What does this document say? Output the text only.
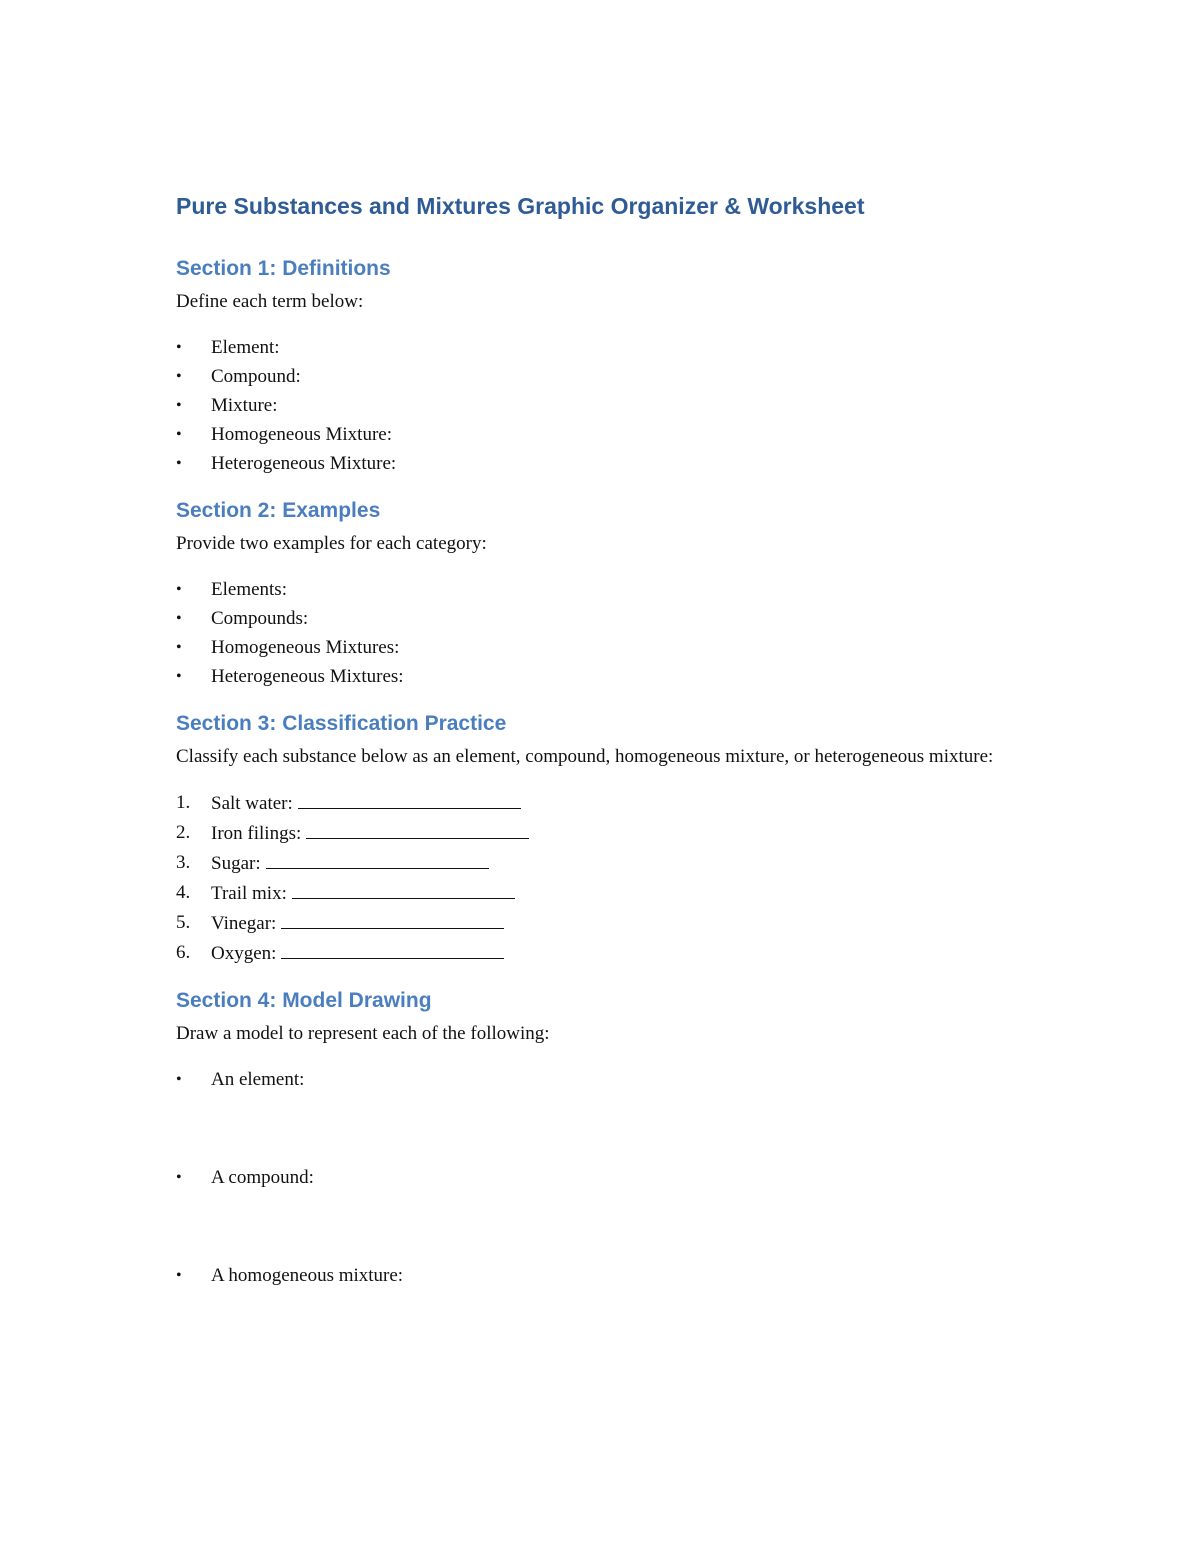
Pure Substances and Mixtures Graphic Organizer & Worksheet
Section 1: Definitions

Define each term below:

•	Element:
•	Compound:
•	Mixture:
•	Homogeneous Mixture:
•	Heterogeneous Mixture:
Section 2: Examples

Provide two examples for each category:

•	Elements:
•	Compounds:
•	Homogeneous Mixtures:
•	Heterogeneous Mixtures:
Section 3: Classification Practice

Classify each substance below as an element, compound, homogeneous mixture, or heterogeneous mixture:

1. Salt water:
2. Iron filings:
3. Sugar:
4. Trail mix:
5. Vinegar:
6. Oxygen:
Section 4: Model Drawing

Draw a model to represent each of the following:

•	An element:
•	A compound:
•	A homogeneous mixture:
